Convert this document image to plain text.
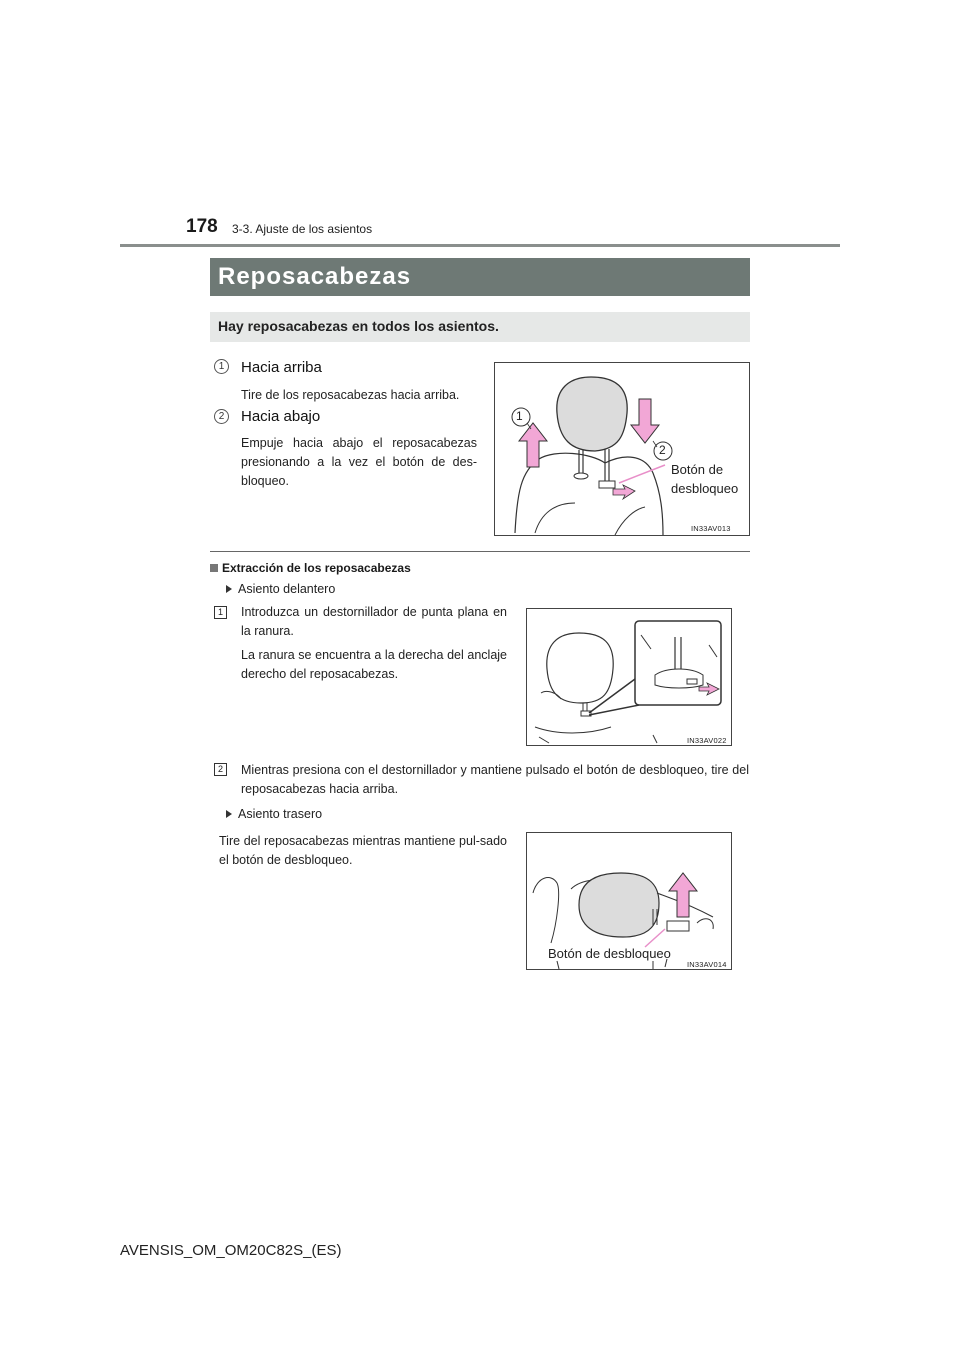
178 3-3. Ajuste de los asientos
Reposacabezas
Hay reposacabezas en todos los asientos.
1	Hacia arriba
Tire de los reposacabezas hacia arriba.
2	Hacia abajo
Empuje hacia abajo el reposacabezas presionando a la vez el botón de des-bloqueo.
1
2
Botón de
desbloqueo
IN33AV013
Extracción de los reposacabezas
Asiento delantero
1	Introduzca un destornillador de punta plana en la ranura.
La ranura se encuentra a la derecha del anclaje derecho del reposacabezas.
IN33AV022
2	Mientras presiona con el destornillador y mantiene pulsado el botón de desbloqueo, tire del reposacabezas hacia arriba.
Asiento trasero
Tire del reposacabezas mientras mantiene pul-sado el botón de desbloqueo.
Botón de desbloqueo
IN33AV014
AVENSIS_OM_OM20C82S_(ES)
